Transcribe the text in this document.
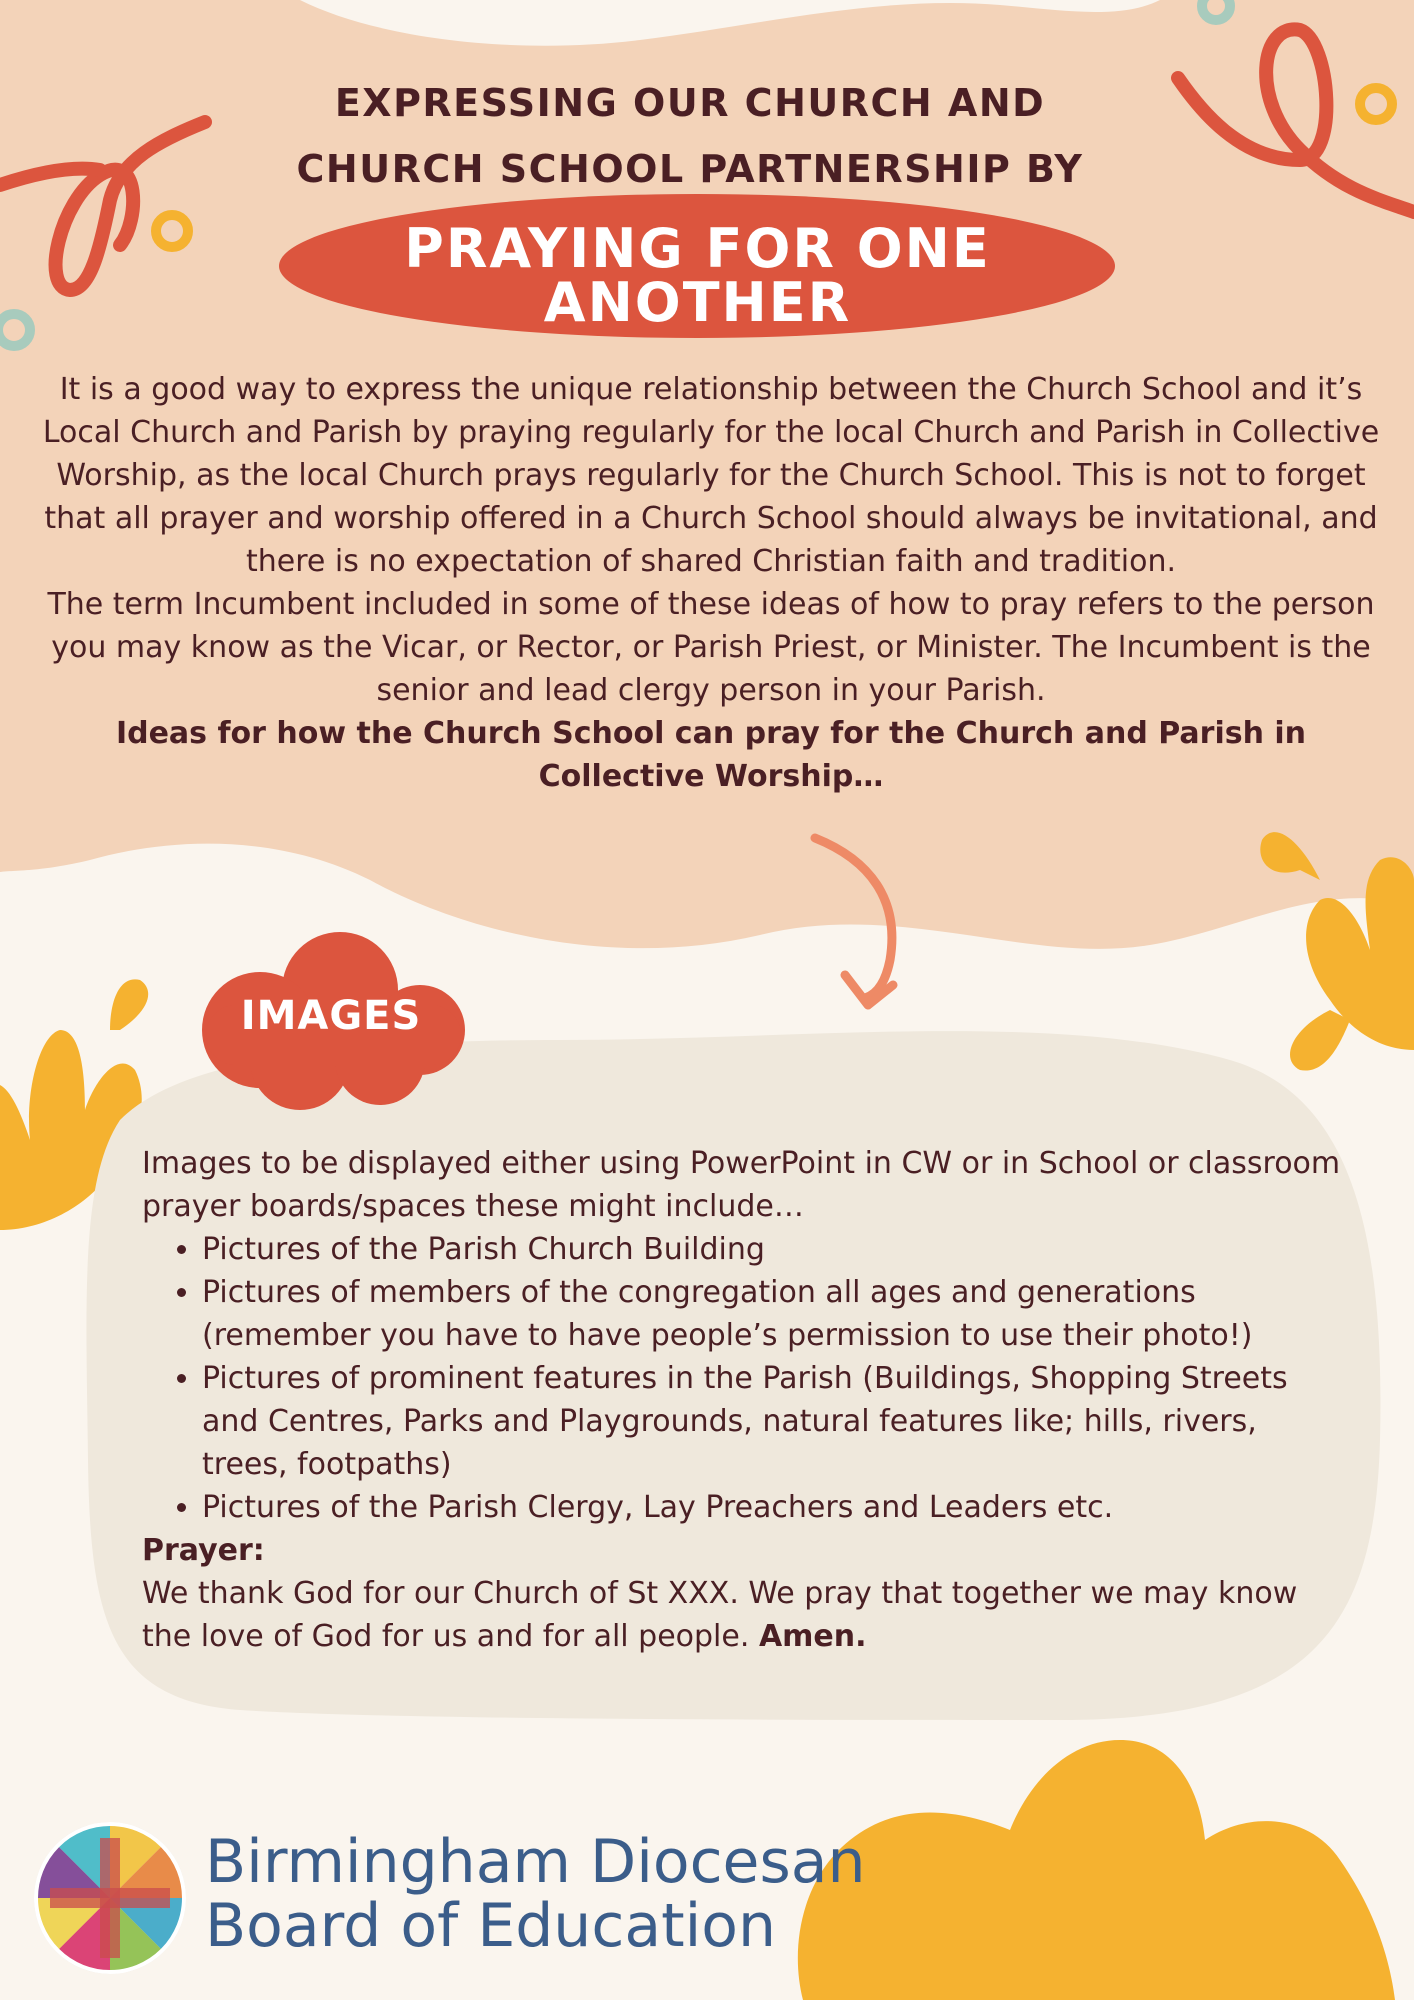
EXPRESSING OUR CHURCH AND
CHURCH SCHOOL PARTNERSHIP BY
PRAYING FOR ONE ANOTHER

It is a good way to express the unique relationship between the Church School and it’s Local Church and Parish by praying regularly for the local Church and Parish in Collective Worship, as the local Church prays regularly for the Church School. This is not to forget that all prayer and worship offered in a Church School should always be invitational, and there is no expectation of shared Christian faith and tradition.

The term Incumbent included in some of these ideas of how to pray refers to the person you may know as the Vicar, or Rector, or Parish Priest, or Minister. The Incumbent is the senior and lead clergy person in your Parish.

Ideas for how the Church School can pray for the Church and Parish in Collective Worship…

IMAGES

Images to be displayed either using PowerPoint in CW or in School or classroom prayer boards/spaces these might include…

• Pictures of the Parish Church Building
• Pictures of members of the congregation all ages and generations (remember you have to have people’s permission to use their photo!)
• Pictures of prominent features in the Parish (Buildings, Shopping Streets and Centres, Parks and Playgrounds, natural features like; hills, rivers, trees, footpaths)
• Pictures of the Parish Clergy, Lay Preachers and Leaders etc.

Prayer:

We thank God for our Church of St XXX. We pray that together we may know the love of God for us and for all people. Amen.

Birmingham Diocesan
Board of Education
